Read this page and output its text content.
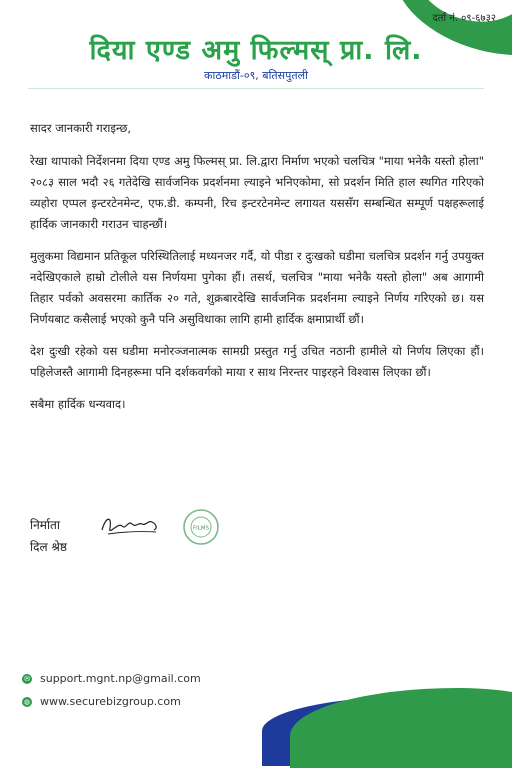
दर्ता नं. ०९-६७३२
दिया एण्ड अमु फिल्मस् प्रा. लि.
काठमाडौं-०९, बतिसपुतली

सादर जानकारी गराइन्छ,

रेखा थापाको निर्देशनमा दिया एण्ड अमु फिल्मस् प्रा. लि.द्वारा निर्माण भएको चलचित्र "माया भनेकै यस्तो होला" २०८३ साल भदौ २६ गतेदेखि सार्वजनिक प्रदर्शनमा ल्याइने भनिएकोमा, सो प्रदर्शन मिति हाल स्थगित गरिएको व्यहोरा एप्पल इन्टरटेनमेन्ट, एफ.डी. कम्पनी, रिच इन्टरटेनमेन्ट लगायत यससँग सम्बन्धित सम्पूर्ण पक्षहरूलाई हार्दिक जानकारी गराउन चाहन्छौं।

मुलुकमा विद्यमान प्रतिकूल परिस्थितिलाई मध्यनजर गर्दै, यो पीडा र दुःखको घडीमा चलचित्र प्रदर्शन गर्नु उपयुक्त नदेखिएकाले हाम्रो टोलीले यस निर्णयमा पुगेका हौं। तसर्थ, चलचित्र "माया भनेकै यस्तो होला" अब आगामी तिहार पर्वको अवसरमा कार्तिक २० गते, शुक्रबारदेखि सार्वजनिक प्रदर्शनमा ल्याइने निर्णय गरिएको छ। यस निर्णयबाट कसैलाई भएको कुनै पनि असुविधाका लागि हामी हार्दिक क्षमाप्रार्थी छौं।

देश दुःखी रहेको यस घडीमा मनोरञ्जनात्मक सामग्री प्रस्तुत गर्नु उचित नठानी हामीले यो निर्णय लिएका हौं। पहिलेजस्तै आगामी दिनहरूमा पनि दर्शकवर्गको माया र साथ निरन्तर पाइरहने विश्वास लिएका छौं।

सबैमा हार्दिक धन्यवाद।

निर्माता
दिल श्रेष्ठ
FILMS
✉ support.mgnt.np@gmail.com
◍ www.securebizgroup.com
